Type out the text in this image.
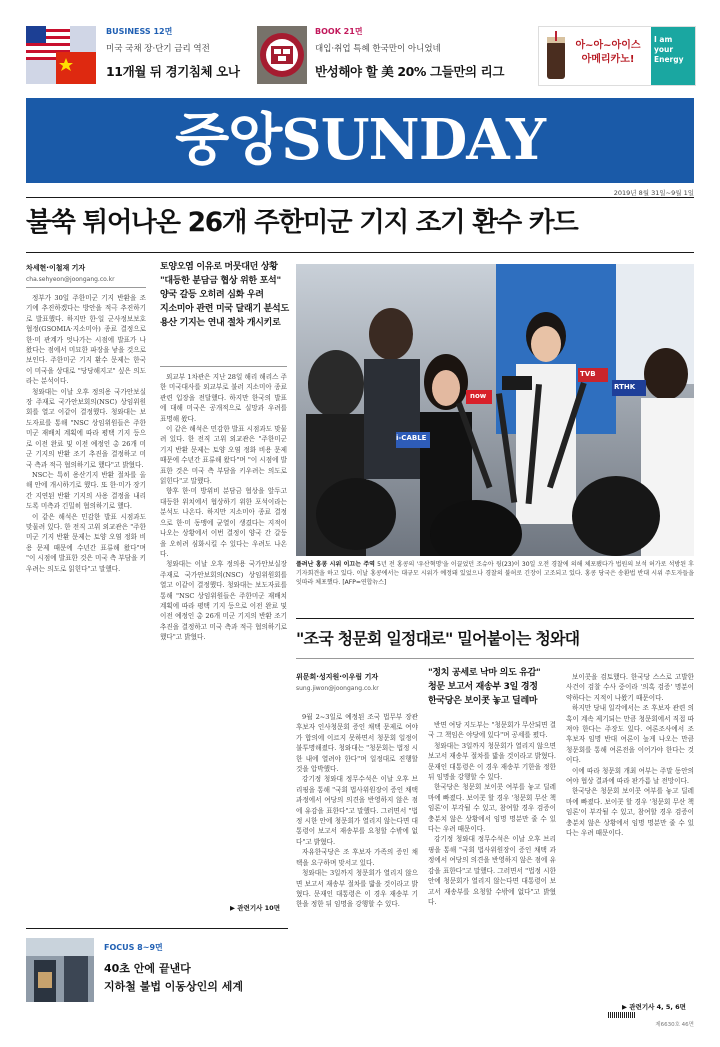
BUSINESS 12면
미국 국채 장·단기 금리 역전
11개월 뒤 경기침체 오나
BOOK 21면
대입·취업 특혜 한국만이 아니었네
반성해야 할 美 20% 그들만의 리그
아~아~아이스 아메리카노!
I am your Energy
중앙SUNDAY
2019년 8월 31일~9월 1일
불쑥 튀어나온 26개 주한미군 기지 조기 환수 카드
차세현·이철재 기자
cha.sehyeon@joongang.co.kr

정부가 30일 주한미군 기지 반환을 조기에 추진하겠다는 방안을 적극 추진하기로 발표했다. 하지만 한·일 군사정보보호협정(GSOMIA·지소미아) 종료 결정으로 한·미 관계가 엇나가는 시점에 발표가 나왔다는 점에서 미묘한 파장을 낳을 것으로 보인다. 주한미군 기지 환수 문제는 한국이 미국을 상대로 "당당해지고" 싶은 의도라는 분석이다.

청와대는 이날 오후 정의용 국가안보실장 주재로 국가안보회의(NSC) 상임위원회를 열고 이같이 결정했다. 청와대는 보도자료를 통해 "NSC 상임위원들은 주한미군 재배치 계획에 따라 평택 기지 등으로 이전 완료 및 이전 예정인 총 26개 미군 기지의 반환 조기 추진을 결정하고 미국 측과 적극 협의하기로 했다"고 밝혔다.

NSC는 특히 용산기지 반환 절차를 올해 안에 개시하기로 했다. 또 한·미가 장기간 지연된 반환 기지의 사용 결정을 내리도록 미측과 긴밀히 협의하기로 했다.

이 같은 해석은 민감한 발표 시점과도 맞물려 있다. 한 전직 고위 외교관은 "주한미군 기지 반환 문제는 토양 오염 정화 비용 문제 때문에 수년간 표류해 왔다"며 "이 시점에 발표한 것은 미국 측 부담을 키우려는 의도로 읽힌다"고 말했다.

토양오염 이유로 머뭇대던 상황
"대등한 분담금 협상 위한 포석"
양국 갈등 오히려 심화 우려
지소미아 관련 미국 달래기 분석도
용산 기지는 연내 절차 개시키로

외교부 1차관은 지난 28일 해리 해리스 주한 미국대사를 외교부로 불러 지소미아 종료 관련 입장을 전달했다. 하지만 한국의 발표에 대해 미국은 공개적으로 실망과 우려를 표명해 왔다.

이 같은 해석은 민감한 발표 시점과도 맞물려 있다. 한 전직 고위 외교관은 "주한미군 기지 반환 문제는 토양 오염 정화 비용 문제 때문에 수년간 표류해 왔다"며 "이 시점에 발표한 것은 미국 측 부담을 키우려는 의도로 읽힌다"고 말했다.

향후 한·미 방위비 분담금 협상을 앞두고 대등한 위치에서 협상하기 위한 포석이라는 분석도 나온다. 하지만 지소미아 종료 결정으로 한·미 동맹에 균열이 생겼다는 지적이 나오는 상황에서 이번 결정이 양국 간 갈등을 오히려 심화시킬 수 있다는 우려도 나온다.

청와대는 이날 오후 정의용 국가안보실장 주재로 국가안보회의(NSC) 상임위원회를 열고 이같이 결정했다. 청와대는 보도자료를 통해 "NSC 상임위원들은 주한미군 재배치 계획에 따라 평택 기지 등으로 이전 완료 및 이전 예정인 총 26개 미군 기지의 반환 조기 추진을 결정하고 미국 측과 적극 협의하기로 했다"고 밝혔다.

▶ 관련기사 10면
i-CABLE
now
TVB
RTHK
풀려난 홍콩 시위 이끄는 주역 5년 전 홍콩의 '우산혁명'을 이끌었던 조슈아 웡(23)이 30일 오전 경찰에 의해 체포됐다가 법원의 보석 허가로 석방된 후 기자회견을 하고 있다. 이날 홍콩에서는 대규모 시위가 예정돼 있었으나 경찰의 불허로 긴장이 고조되고 있다. 홍콩 당국은 송환법 반대 시위 주도자들을 잇따라 체포했다. [AFP=연합뉴스]
"조국 청문회 일정대로" 밀어붙이는 청와대
위문희·성지원·이우림 기자
sung.jiwon@joongang.co.kr
"정치 공세로 낙마 의도 유감"
청문 보고서 재송부 3일 경정
한국당은 보이콧 놓고 딜레마

9월 2~3일로 예정된 조국 법무부 장관 후보자 인사청문회 증인 채택 문제로 여야가 합의에 이르지 못하면서 청문회 일정이 불투명해졌다. 청와대는 "청문회는 법정 시한 내에 열려야 한다"며 일정대로 진행할 것을 압박했다.

강기정 청와대 정무수석은 이날 오후 브리핑을 통해 "국회 법사위원장이 증인 채택 과정에서 여당의 의견을 반영하지 않은 점에 유감을 표한다"고 말했다. 그러면서 "법정 시한 안에 청문회가 열리지 않는다면 대통령이 보고서 재송부를 요청할 수밖에 없다"고 밝혔다.

자유한국당은 조 후보자 가족의 증인 채택을 요구하며 맞서고 있다.

청와대는 3일까지 청문회가 열리지 않으면 보고서 재송부 절차를 밟을 것이라고 밝혔다. 문재인 대통령은 이 경우 재송부 기한을 정한 뒤 임명을 강행할 수 있다.

반면 여당 지도부는 "청문회가 무산되면 결국 그 책임은 야당에 있다"며 공세를 폈다.

청와대는 3일까지 청문회가 열리지 않으면 보고서 재송부 절차를 밟을 것이라고 밝혔다. 문재인 대통령은 이 경우 재송부 기한을 정한 뒤 임명을 강행할 수 있다.

한국당은 청문회 보이콧 여부를 놓고 딜레마에 빠졌다. 보이콧 할 경우 '청문회 무산 책임론'이 부각될 수 있고, 참여할 경우 검증이 충분치 않은 상황에서 임명 명분만 줄 수 있다는 우려 때문이다.

강기정 청와대 정무수석은 이날 오후 브리핑을 통해 "국회 법사위원장이 증인 채택 과정에서 여당의 의견을 반영하지 않은 점에 유감을 표한다"고 말했다. 그러면서 "법정 시한 안에 청문회가 열리지 않는다면 대통령이 보고서 재송부를 요청할 수밖에 없다"고 밝혔다.

보이콧을 검토했다. 한국당 스스로 고발한 사건이 검찰 수사 중이라 '의혹 검증' 명분이 약하다는 지적이 나왔기 때문이다.

하지만 당내 일각에서는 조 후보자 관련 의혹이 계속 제기되는 만큼 청문회에서 직접 따져야 한다는 주장도 있다. 여론조사에서 조 후보자 임명 반대 여론이 높게 나오는 만큼 청문회를 통해 여론전을 이어가야 한다는 것이다.

이에 따라 청문회 개최 여부는 주말 동안의 여야 협상 결과에 따라 판가름 날 전망이다.

한국당은 청문회 보이콧 여부를 놓고 딜레마에 빠졌다. 보이콧 할 경우 '청문회 무산 책임론'이 부각될 수 있고, 참여할 경우 검증이 충분치 않은 상황에서 임명 명분만 줄 수 있다는 우려 때문이다.

▶ 관련기사 4, 5, 6면
FOCUS 8~9면
40초 안에 끝낸다
지하철 불법 이동상인의 세계
제6630호 46면
